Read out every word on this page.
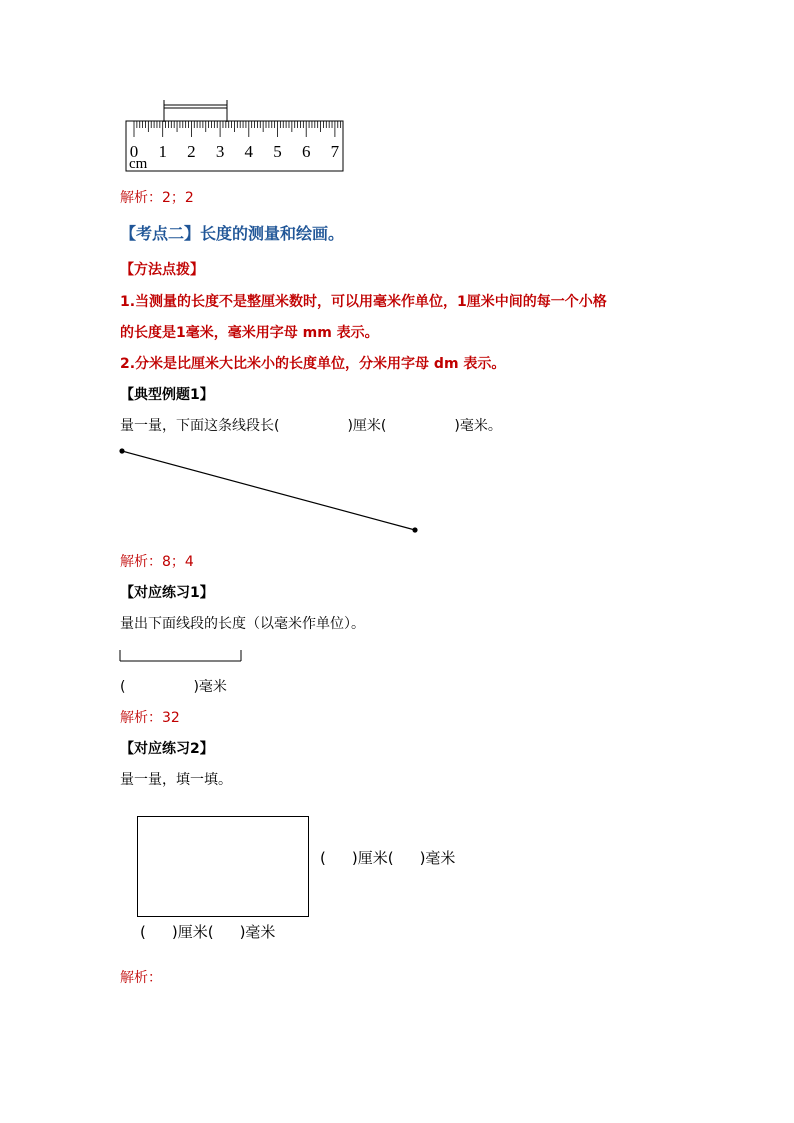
0 1 2 3 4 5 6 7
cm
解析：2；2
【考点二】长度的测量和绘画。
【方法点拨】
1.当测量的长度不是整厘米数时，可以用毫米作单位，1厘米中间的每一个小格
的长度是1毫米，毫米用字母 mm 表示。
2.分米是比厘米大比米小的长度单位，分米用字母 dm 表示。
【典型例题1】
量一量，下面这条线段长(	)厘米(	)毫米。
解析：8；4
【对应练习1】
量出下面线段的长度（以毫米作单位）。
(	)毫米
解析：32
【对应练习2】
量一量，填一填。
( )厘米( )毫米
( )厘米( )毫米
解析：
